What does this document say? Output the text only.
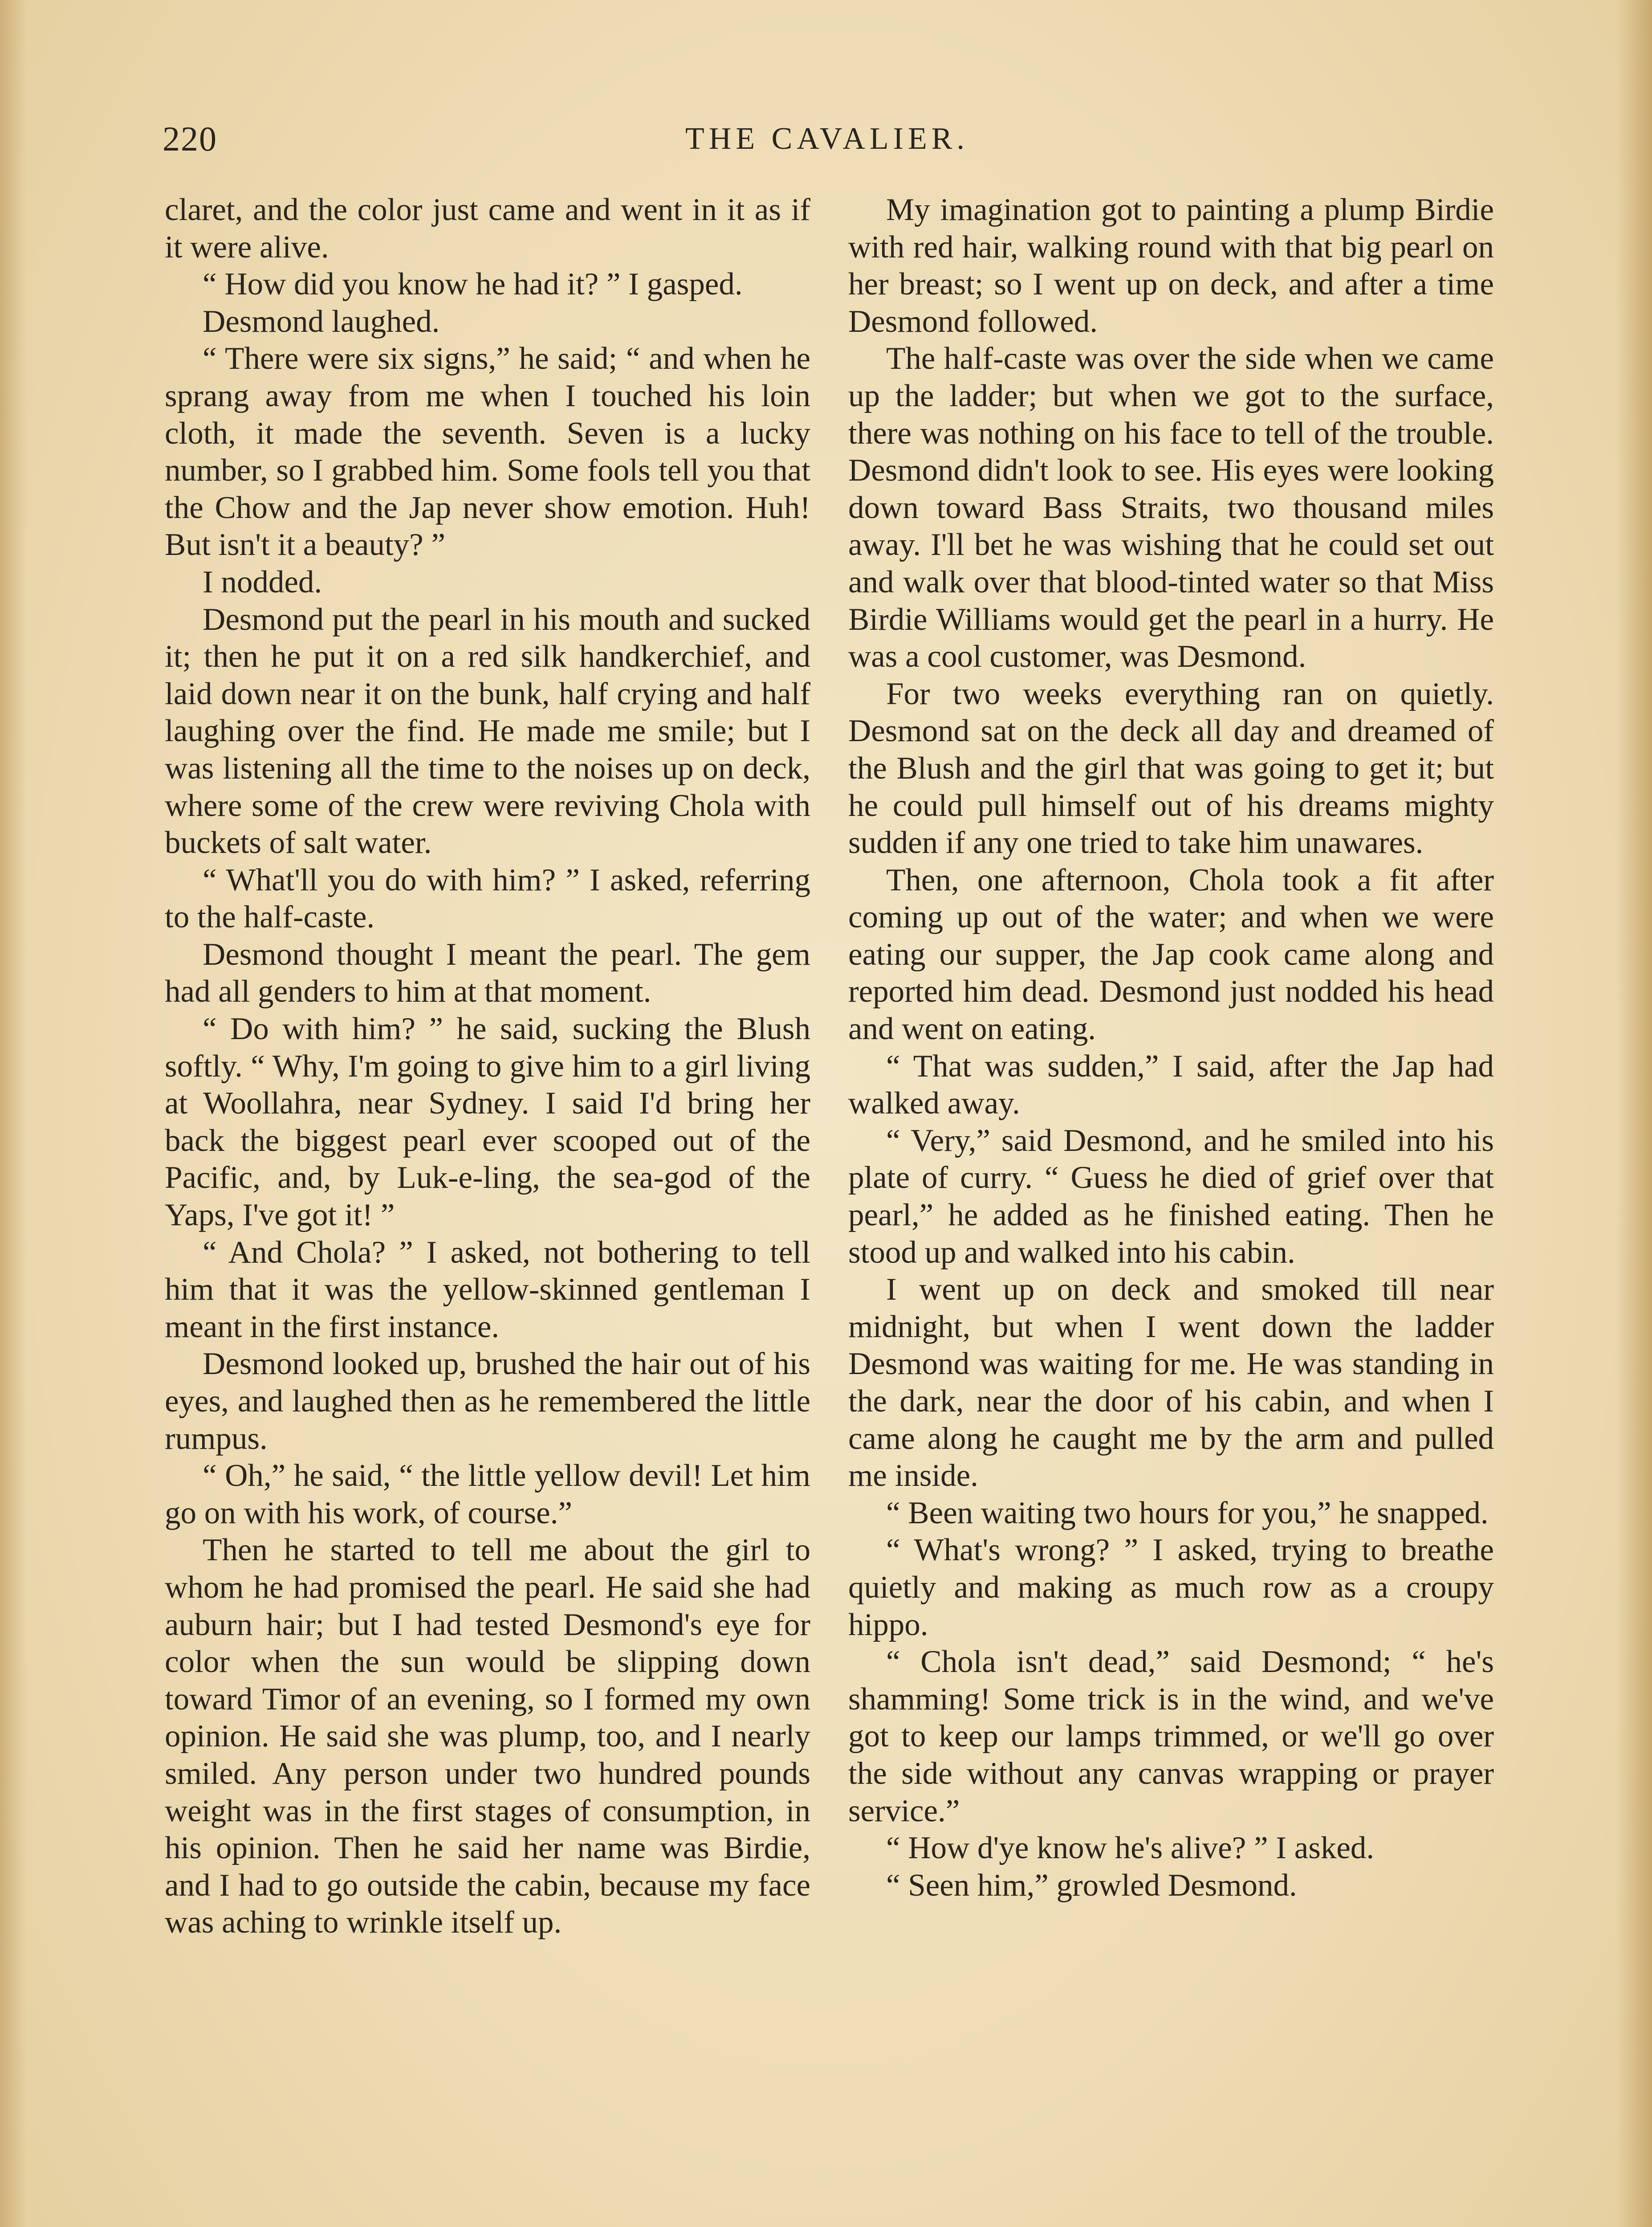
220	THE CAVALIER.

claret, and the color just came and went in it as if it were alive.

“ How did you know he had it? ” I gasped.

Desmond laughed.

“ There were six signs,” he said; “ and when he sprang away from me when I touched his loin cloth, it made the seventh. Seven is a lucky number, so I grabbed him. Some fools tell you that the Chow and the Jap never show emotion. Huh! But isn't it a beauty? ”

I nodded.

Desmond put the pearl in his mouth and sucked it; then he put it on a red silk handkerchief, and laid down near it on the bunk, half crying and half laughing over the find. He made me smile; but I was listening all the time to the noises up on deck, where some of the crew were reviving Chola with buckets of salt water.

“ What'll you do with him? ” I asked, referring to the half-caste.

Desmond thought I meant the pearl. The gem had all genders to him at that moment.

“ Do with him? ” he said, sucking the Blush softly. “ Why, I'm going to give him to a girl living at Woollahra, near Sydney. I said I'd bring her back the biggest pearl ever scooped out of the Pacific, and, by Luk-e-ling, the sea-god of the Yaps, I've got it! ”

“ And Chola? ” I asked, not bothering to tell him that it was the yellow-skinned gentleman I meant in the first instance.

Desmond looked up, brushed the hair out of his eyes, and laughed then as he remembered the little rumpus.

“ Oh,” he said, “ the little yellow devil! Let him go on with his work, of course.”

Then he started to tell me about the girl to whom he had promised the pearl. He said she had auburn hair; but I had tested Desmond's eye for color when the sun would be slipping down toward Timor of an evening, so I formed my own opinion. He said she was plump, too, and I nearly smiled. Any person under two hundred pounds weight was in the first stages of consumption, in his opinion. Then he said her name was Birdie, and I had to go outside the cabin, because my face was aching to wrinkle itself up.

My imagination got to painting a plump Birdie with red hair, walking round with that big pearl on her breast; so I went up on deck, and after a time Desmond followed.

The half-caste was over the side when we came up the ladder; but when we got to the surface, there was nothing on his face to tell of the trouble. Desmond didn't look to see. His eyes were looking down toward Bass Straits, two thousand miles away. I'll bet he was wishing that he could set out and walk over that blood-tinted water so that Miss Birdie Williams would get the pearl in a hurry. He was a cool customer, was Desmond.

For two weeks everything ran on quietly. Desmond sat on the deck all day and dreamed of the Blush and the girl that was going to get it; but he could pull himself out of his dreams mighty sudden if any one tried to take him unawares.

Then, one afternoon, Chola took a fit after coming up out of the water; and when we were eating our supper, the Jap cook came along and reported him dead. Desmond just nodded his head and went on eating.

“ That was sudden,” I said, after the Jap had walked away.

“ Very,” said Desmond, and he smiled into his plate of curry. “ Guess he died of grief over that pearl,” he added as he finished eating. Then he stood up and walked into his cabin.

I went up on deck and smoked till near midnight, but when I went down the ladder Desmond was waiting for me. He was standing in the dark, near the door of his cabin, and when I came along he caught me by the arm and pulled me inside.

“ Been waiting two hours for you,” he snapped.

“ What's wrong? ” I asked, trying to breathe quietly and making as much row as a croupy hippo.

“ Chola isn't dead,” said Desmond; “ he's shamming! Some trick is in the wind, and we've got to keep our lamps trimmed, or we'll go over the side without any canvas wrapping or prayer service.”

“ How d'ye know he's alive? ” I asked.

“ Seen him,” growled Desmond.
